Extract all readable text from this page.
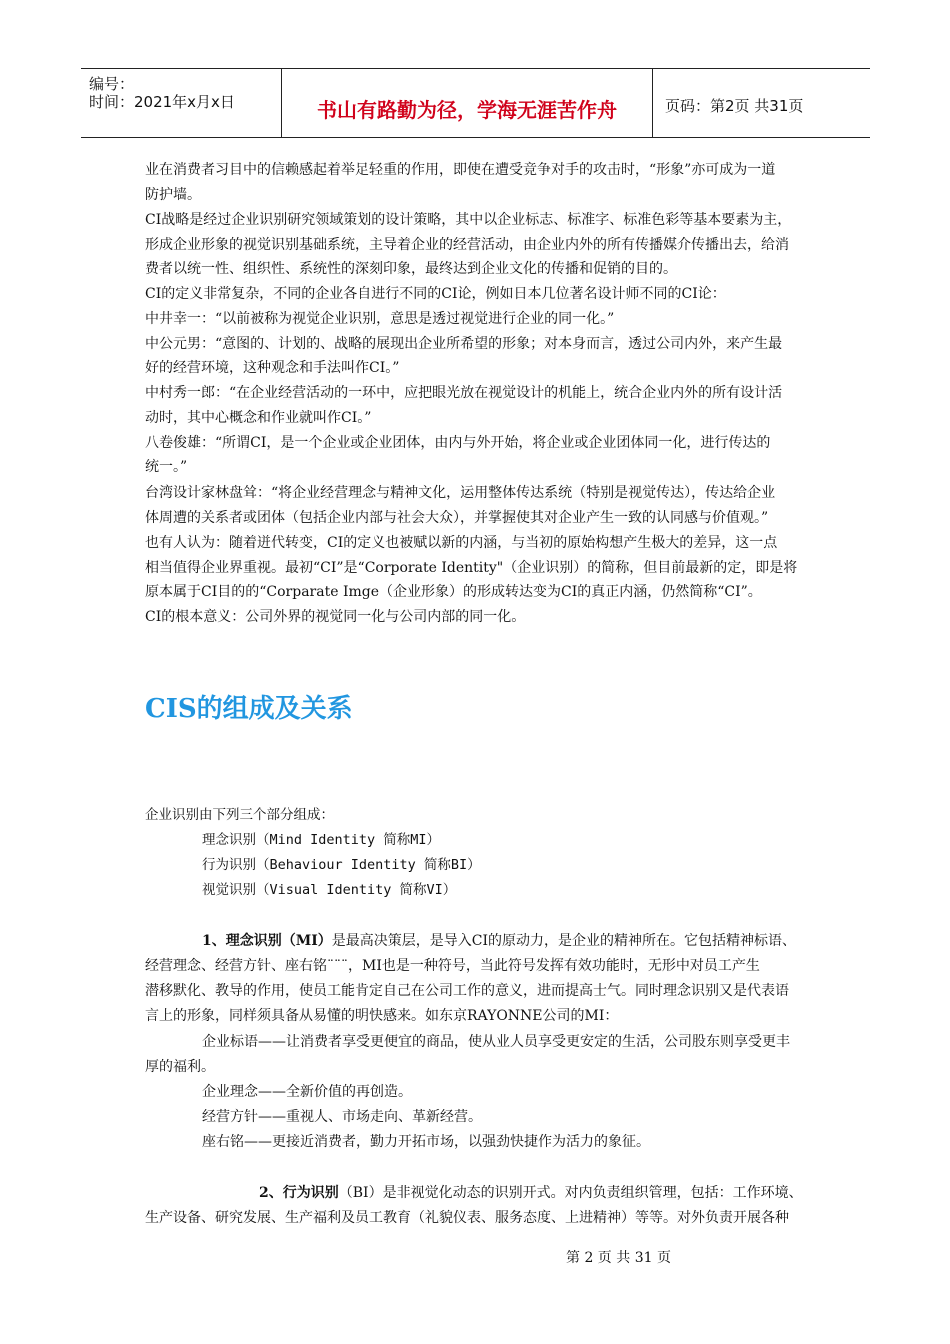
编号：
时间：2021年x月x日	书山有路勤为径，学海无涯苦作舟	页码：第2页 共31页
业在消费者习目中的信赖感起着举足轻重的作用，即使在遭受竞争对手的攻击时，“形象”亦可成为一道
防护墙。
CI战略是经过企业识别研究领域策划的设计策略，其中以企业标志、标准字、标准色彩等基本要素为主，
形成企业形象的视觉识别基础系统，主导着企业的经营活动，由企业内外的所有传播媒介传播出去，给消
费者以统一性、组织性、系统性的深刻印象，最终达到企业文化的传播和促销的目的。
CI的定义非常复杂，不同的企业各自进行不同的CI论，例如日本几位著名设计师不同的CI论：
中井幸一：“以前被称为视觉企业识别，意思是透过视觉进行企业的同一化。”
中公元男：“意图的、计划的、战略的展现出企业所希望的形象；对本身而言，透过公司内外，来产生最
好的经营环境，这种观念和手法叫作CI。”
中村秀一郎：“在企业经营活动的一环中，应把眼光放在视觉设计的机能上，统合企业内外的所有设计活
动时，其中心概念和作业就叫作CI。”
八卷俊雄：“所谓CI，是一个企业或企业团体，由内与外开始，将企业或企业团体同一化，进行传达的
统一。”
台湾设计家林盘耸：“将企业经营理念与精神文化，运用整体传达系统（特别是视觉传达），传达给企业
体周遭的关系者或团体（包括企业内部与社会大众），并掌握使其对企业产生一致的认同感与价值观。”
也有人认为：随着迸代转变，CI的定义也被赋以新的内涵，与当初的原始构想产生极大的差异，这一点
相当值得企业界重视。最初“CI”是“Corporate Identity"（企业识别）的简称，但目前最新的定，即是将
原本属于CI目的的“Corparate Imge（企业形象）的形成转达变为CI的真正内涵，仍然简称“CI”。
CI的根本意义：公司外界的视觉同一化与公司内部的同一化。
CIS的组成及关系
企业识别由下列三个部分组成：
理念识别（Mind Identity 简称MI）
行为识别（Behaviour Identity 简称BI）
视觉识别（Visual Identity 简称VI）
1、理念识别（MI）是最高决策层，是导入CI的原动力，是企业的精神所在。它包括精神标语、
经营理念、经营方针、座右铭¨¨¨，MI也是一种符号，当此符号发挥有效功能时，无形中对员工产生
潜移默化、教导的作用，使员工能肯定自己在公司工作的意义，进而提高士气。同时理念识别又是代表语
言上的形象，同样须具备从易懂的明快感来。如东京RAYONNE公司的MI：
企业标语——让消费者享受更便宜的商品，使从业人员享受更安定的生活，公司股东则享受更丰
厚的福利。
企业理念——全新价值的再创造。
经营方针——重视人、市场走向、革新经营。
座右铭——更接近消费者，勤力开拓市场，以强劲快捷作为活力的象征。
2、行为识别（BI）是非视觉化动态的识别开式。对内负责组织管理，包括：工作环境、
生产设备、研究发展、生产福利及员工教育（礼貌仪表、服务态度、上进精神）等等。对外负责开展各种
第 2 页 共 31 页
